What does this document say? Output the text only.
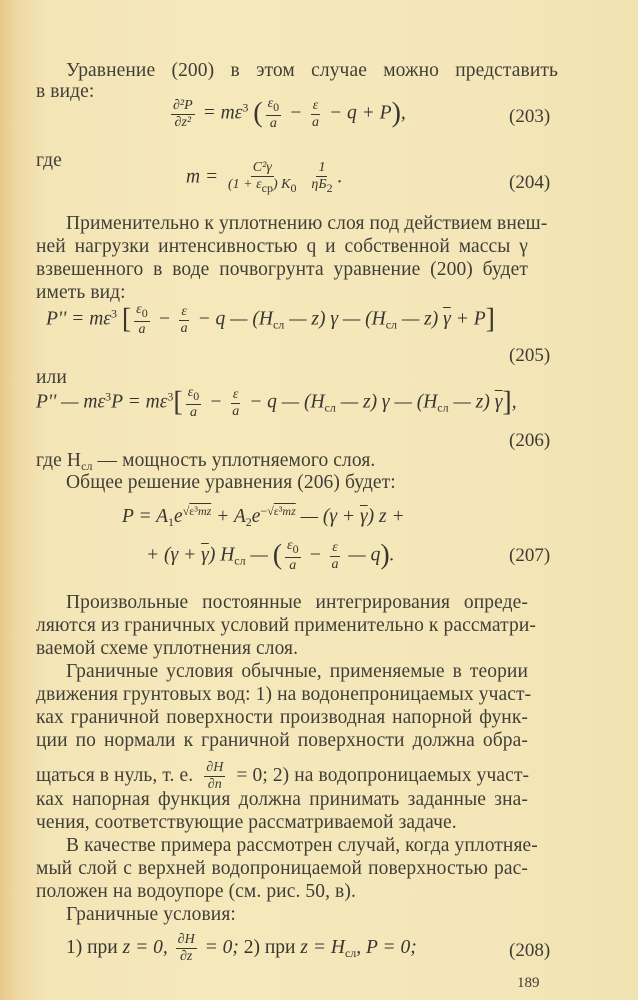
Уравнение (200) в этом случае можно представить
в виде:
$\frac{\text{∂²P}}{\text{∂z²}} = m\varepsilon^3$ ( $\frac{\varepsilon 0}{a} - \frac{\varepsilon}{a} - q + P$),	(203)
где
$m = \frac{\text{C²γ}}{\text{(1 + εср) K0}}$
$\frac{1}{\eta Б2}$ .	(204)
Применительно к уплотнению слоя под действием внеш-
ней нагрузки интенсивностью q и собственной массы γ
взвешенного в воде почвогрунта уравнение (200) будет
иметь вид:
$P'' = m\varepsilon^3$ [ $\frac{\varepsilon 0}{a} - \frac{\varepsilon}{a} - q$ — ($H_{сл}$ — z) γ — ($H_{сл}$ — z) $\overline{\gamma} + P$]
(205)
или
P'' — $m\varepsilon^3P = m\varepsilon^3[ \frac{\varepsilon 0}{a} - \frac{\varepsilon}{a} - q$ — ($H_{сл}$ — z) γ — ($H_{сл}$ — z) $\overline{\gamma}$],
(206)
где $H_{сл}$ — мощность уплотняемого слоя.
Общее решение уравнения (206) будет:
$P = A_1e^{√\varepsilon^3mz} + A_2e^{-√\varepsilon^3mz}$ — $(\gamma + \overline{\gamma})$ z +
+ $(\gamma + \overline{\gamma})$ $H_{сл}$ — ( $\frac{\varepsilon 0}{a} - \frac{\varepsilon}{a}$ — q).	(207)
Произвольные постоянные интегрирования опреде-
ляются из граничных условий применительно к рассматри-
ваемой схеме уплотнения слоя.
Граничные условия обычные, применяемые в теории
движения грунтовых вод: 1) на водонепроницаемых участ-
ках граничной поверхности производная напорной функ-
ции по нормали к граничной поверхности должна обра-
щаться в нуль, т. е. $\frac{\partial H}{\partial n} = 0$; 2) на водопроницаемых участ-
ках напорная функция должна принимать заданные зна-
чения, соответствующие рассматриваемой задаче.
В качестве примера рассмотрен случай, когда уплотняе-
мый слой с верхней водопроницаемой поверхностью рас-
положен на водоупоре (см. рис. 50, в).
Граничные условия:
1) при z = 0, $\frac{\partial H}{\partial z} = 0$; 2) при $z = H_{сл}$, P = 0;	(208)
189
